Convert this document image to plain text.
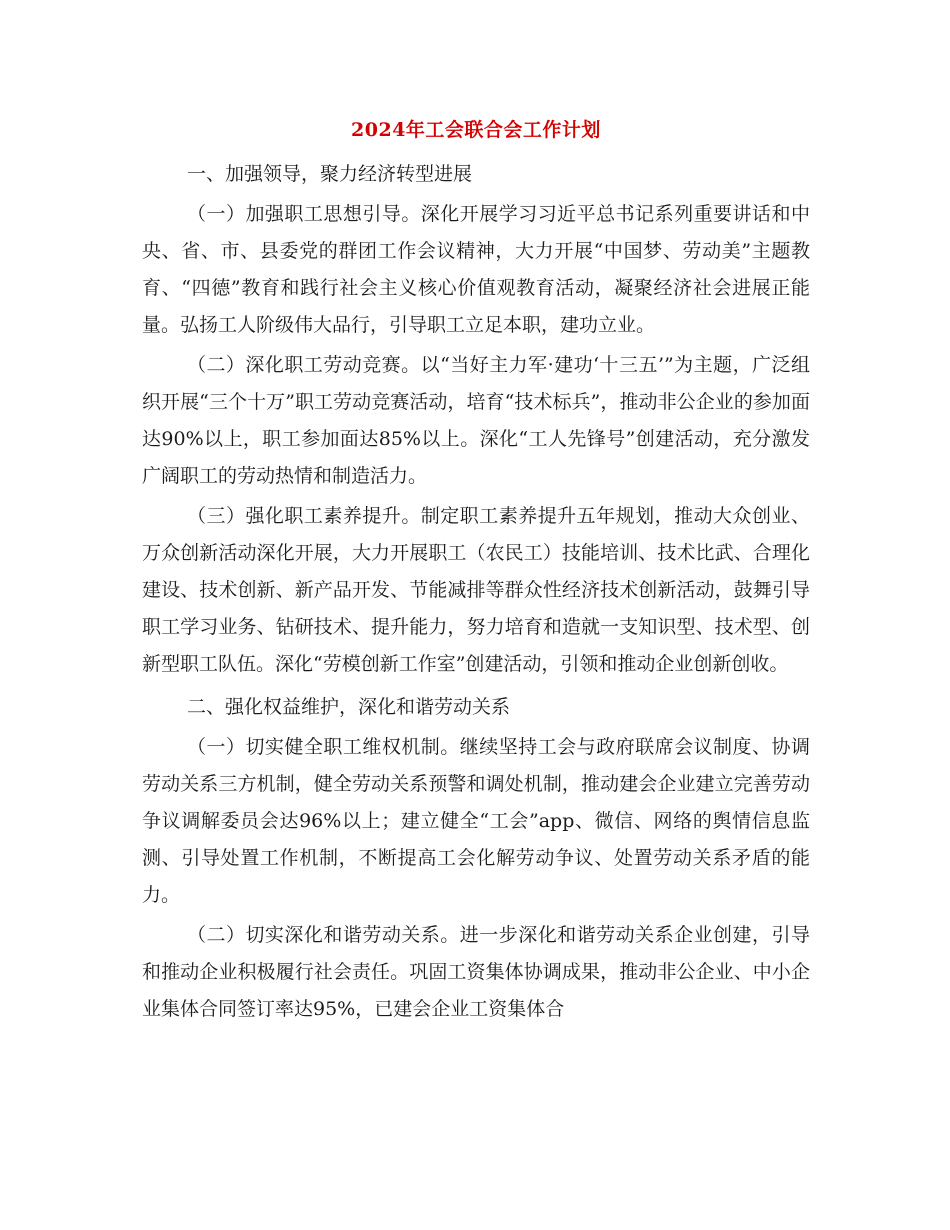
2024年工会联合会工作计划

一、加强领导，聚力经济转型进展

（一）加强职工思想引导。深化开展学习习近平总书记系列重要讲话和中央、省、市、县委党的群团工作会议精神，大力开展“中国梦、劳动美”主题教育、“四德”教育和践行社会主义核心价值观教育活动，凝聚经济社会进展正能量。弘扬工人阶级伟大品行，引导职工立足本职，建功立业。

（二）深化职工劳动竞赛。以“当好主力军·建功‘十三五’”为主题，广泛组织开展“三个十万”职工劳动竞赛活动，培育“技术标兵”，推动非公企业的参加面达90%以上，职工参加面达85%以上。深化“工人先锋号”创建活动，充分激发广阔职工的劳动热情和制造活力。

（三）强化职工素养提升。制定职工素养提升五年规划，推动大众创业、万众创新活动深化开展，大力开展职工（农民工）技能培训、技术比武、合理化建设、技术创新、新产品开发、节能减排等群众性经济技术创新活动，鼓舞引导职工学习业务、钻研技术、提升能力，努力培育和造就一支知识型、技术型、创新型职工队伍。深化“劳模创新工作室”创建活动，引领和推动企业创新创收。

二、强化权益维护，深化和谐劳动关系

（一）切实健全职工维权机制。继续坚持工会与政府联席会议制度、协调劳动关系三方机制，健全劳动关系预警和调处机制，推动建会企业建立完善劳动争议调解委员会达96%以上；建立健全“工会”app、微信、网络的舆情信息监测、引导处置工作机制，不断提高工会化解劳动争议、处置劳动关系矛盾的能力。

（二）切实深化和谐劳动关系。进一步深化和谐劳动关系企业创建，引导和推动企业积极履行社会责任。巩固工资集体协调成果，推动非公企业、中小企业集体合同签订率达95%，已建会企业工资集体合
